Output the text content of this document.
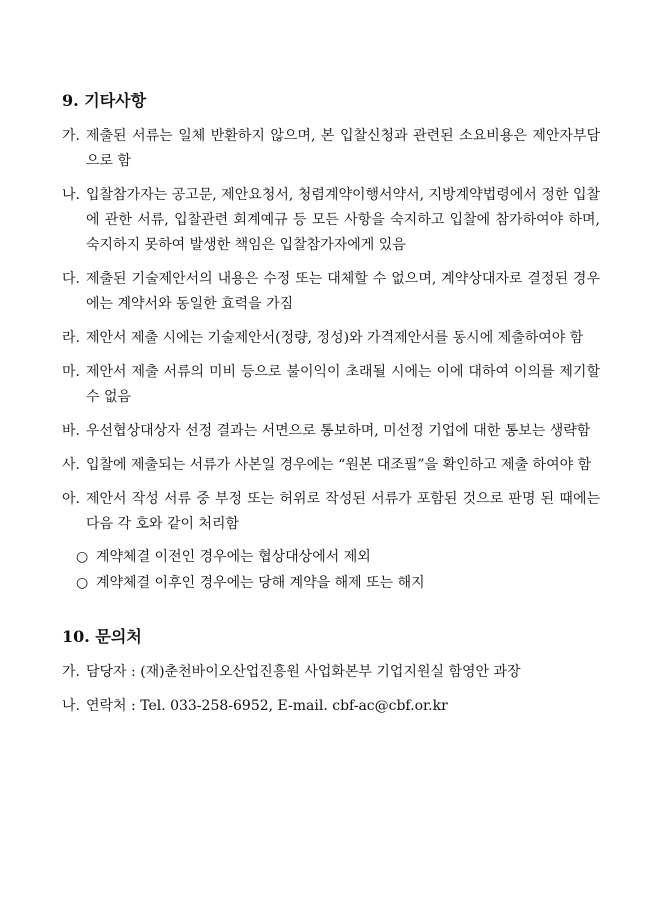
9. 기타사항
가. 제출된 서류는 일체 반환하지 않으며, 본 입찰신청과 관련된 소요비용은 제안자부담으로 함
나. 입찰참가자는 공고문, 제안요청서, 청렴계약이행서약서, 지방계약법령에서 정한 입찰에 관한 서류, 입찰관련 회계예규 등 모든 사항을 숙지하고 입찰에 참가하여야 하며, 숙지하지 못하여 발생한 책임은 입찰참가자에게 있음
다. 제출된 기술제안서의 내용은 수정 또는 대체할 수 없으며, 계약상대자로 결정된 경우에는 계약서와 동일한 효력을 가짐
라. 제안서 제출 시에는 기술제안서(정량, 정성)와 가격제안서를 동시에 제출하여야 함
마. 제안서 제출 서류의 미비 등으로 불이익이 초래될 시에는 이에 대하여 이의를 제기할 수 없음
바. 우선협상대상자 선정 결과는 서면으로 통보하며, 미선정 기업에 대한 통보는 생략함
사. 입찰에 제출되는 서류가 사본일 경우에는 “원본 대조필”을 확인하고 제출 하여야 함
아. 제안서 작성 서류 중 부정 또는 허위로 작성된 서류가 포함된 것으로 판명 된 때에는 다음 각 호와 같이 처리함
○ 계약체결 이전인 경우에는 협상대상에서 제외
○ 계약체결 이후인 경우에는 당해 계약을 해제 또는 해지
10. 문의처
가. 담당자 : (재)춘천바이오산업진흥원 사업화본부 기업지원실 함영안 과장
나. 연락처 : Tel. 033-258-6952, E-mail. cbf-ac@cbf.or.kr
